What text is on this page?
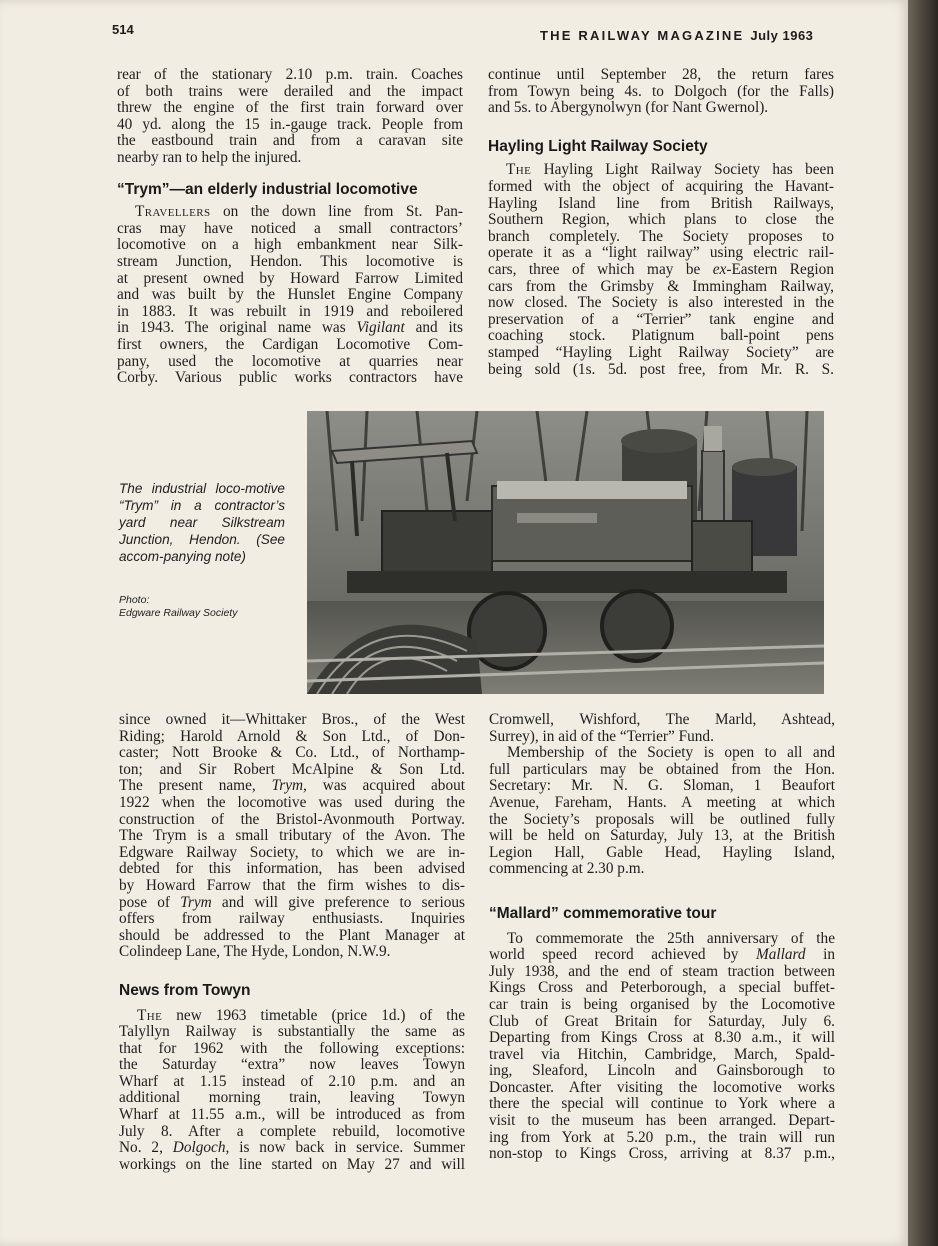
514	THE RAILWAY MAGAZINE July 1963

rear of the stationary 2.10 p.m. train. Coaches
of both trains were derailed and the impact
threw the engine of the first train forward over
40 yd. along the 15 in.-gauge track. People from
the eastbound train and from a caravan site
nearby ran to help the injured.

“Trym”—an elderly industrial locomotive

Travellers on the down line from St. Pan-
cras may have noticed a small contractors’
locomotive on a high embankment near Silk-
stream Junction, Hendon. This locomotive is
at present owned by Howard Farrow Limited
and was built by the Hunslet Engine Company
in 1883. It was rebuilt in 1919 and reboilered
in 1943. The original name was Vigilant and its
first owners, the Cardigan Locomotive Com-
pany, used the locomotive at quarries near
Corby. Various public works contractors have

continue until September 28, the return fares
from Towyn being 4s. to Dolgoch (for the Falls)
and 5s. to Abergynolwyn (for Nant Gwernol).

Hayling Light Railway Society

The Hayling Light Railway Society has been
formed with the object of acquiring the Havant-
Hayling Island line from British Railways,
Southern Region, which plans to close the
branch completely. The Society proposes to
operate it as a “light railway” using electric rail-
cars, three of which may be ex-Eastern Region
cars from the Grimsby & Immingham Railway,
now closed. The Society is also interested in the
preservation of a “Terrier” tank engine and
coaching stock. Platignum ball-point pens
stamped “Hayling Light Railway Society” are
being sold (1s. 5d. post free, from Mr. R. S.

The industrial loco-motive “Trym” in a contractor’s yard near Silkstream Junction, Hendon. (See accom-panying note)
Photo:
Edgware Railway Society

since owned it—Whittaker Bros., of the West
Riding; Harold Arnold & Son Ltd., of Don-
caster; Nott Brooke & Co. Ltd., of Northamp-
ton; and Sir Robert McAlpine & Son Ltd.
The present name, Trym, was acquired about
1922 when the locomotive was used during the
construction of the Bristol-Avonmouth Portway.
The Trym is a small tributary of the Avon. The
Edgware Railway Society, to which we are in-
debted for this information, has been advised
by Howard Farrow that the firm wishes to dis-
pose of Trym and will give preference to serious
offers from railway enthusiasts. Inquiries
should be addressed to the Plant Manager at
Colindeep Lane, The Hyde, London, N.W.9.

News from Towyn

The new 1963 timetable (price 1d.) of the
Talyllyn Railway is substantially the same as
that for 1962 with the following exceptions:
the Saturday “extra” now leaves Towyn
Wharf at 1.15 instead of 2.10 p.m. and an
additional morning train, leaving Towyn
Wharf at 11.55 a.m., will be introduced as from
July 8. After a complete rebuild, locomotive
No. 2, Dolgoch, is now back in service. Summer
workings on the line started on May 27 and will

Cromwell, Wishford, The Marld, Ashtead,
Surrey), in aid of the “Terrier” Fund.

Membership of the Society is open to all and
full particulars may be obtained from the Hon.
Secretary: Mr. N. G. Sloman, 1 Beaufort
Avenue, Fareham, Hants. A meeting at which
the Society’s proposals will be outlined fully
will be held on Saturday, July 13, at the British
Legion Hall, Gable Head, Hayling Island,
commencing at 2.30 p.m.

“Mallard” commemorative tour

To commemorate the 25th anniversary of the
world speed record achieved by Mallard in
July 1938, and the end of steam traction between
Kings Cross and Peterborough, a special buffet-
car train is being organised by the Locomotive
Club of Great Britain for Saturday, July 6.
Departing from Kings Cross at 8.30 a.m., it will
travel via Hitchin, Cambridge, March, Spald-
ing, Sleaford, Lincoln and Gainsborough to
Doncaster. After visiting the locomotive works
there the special will continue to York where a
visit to the museum has been arranged. Depart-
ing from York at 5.20 p.m., the train will run
non-stop to Kings Cross, arriving at 8.37 p.m.,
